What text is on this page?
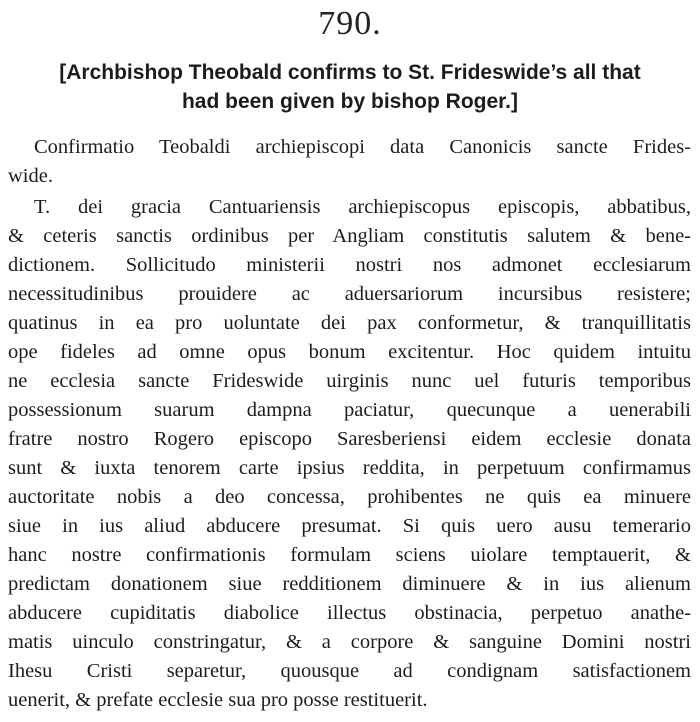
790.
[Archbishop Theobald confirms to St. Frideswide’s all that
had been given by bishop Roger.]
Confirmatio Teobaldi archiepiscopi data Canonicis sancte Frides-
wide.
T. dei gracia Cantuariensis archiepiscopus episcopis, abbatibus,
& ceteris sanctis ordinibus per Angliam constitutis salutem & bene-
dictionem. Sollicitudo ministerii nostri nos admonet ecclesiarum
necessitudinibus prouidere ac aduersariorum incursibus resistere;
quatinus in ea pro uoluntate dei pax conformetur, & tranquillitatis
ope fideles ad omne opus bonum excitentur. Hoc quidem intuitu
ne ecclesia sancte Frideswide uirginis nunc uel futuris temporibus
possessionum suarum dampna paciatur, quecunque a uenerabili
fratre nostro Rogero episcopo Saresberiensi eidem ecclesie donata
sunt & iuxta tenorem carte ipsius reddita, in perpetuum confirmamus
auctoritate nobis a deo concessa, prohibentes ne quis ea minuere
siue in ius aliud abducere presumat. Si quis uero ausu temerario
hanc nostre confirmationis formulam sciens uiolare temptauerit, &
predictam donationem siue redditionem diminuere & in ius alienum
abducere cupiditatis diabolice illectus obstinacia, perpetuo anathe-
matis uinculo constringatur, & a corpore & sanguine Domini nostri
Ihesu Cristi separetur, quousque ad condignam satisfactionem
uenerit, & prefate ecclesie sua pro posse restituerit.
